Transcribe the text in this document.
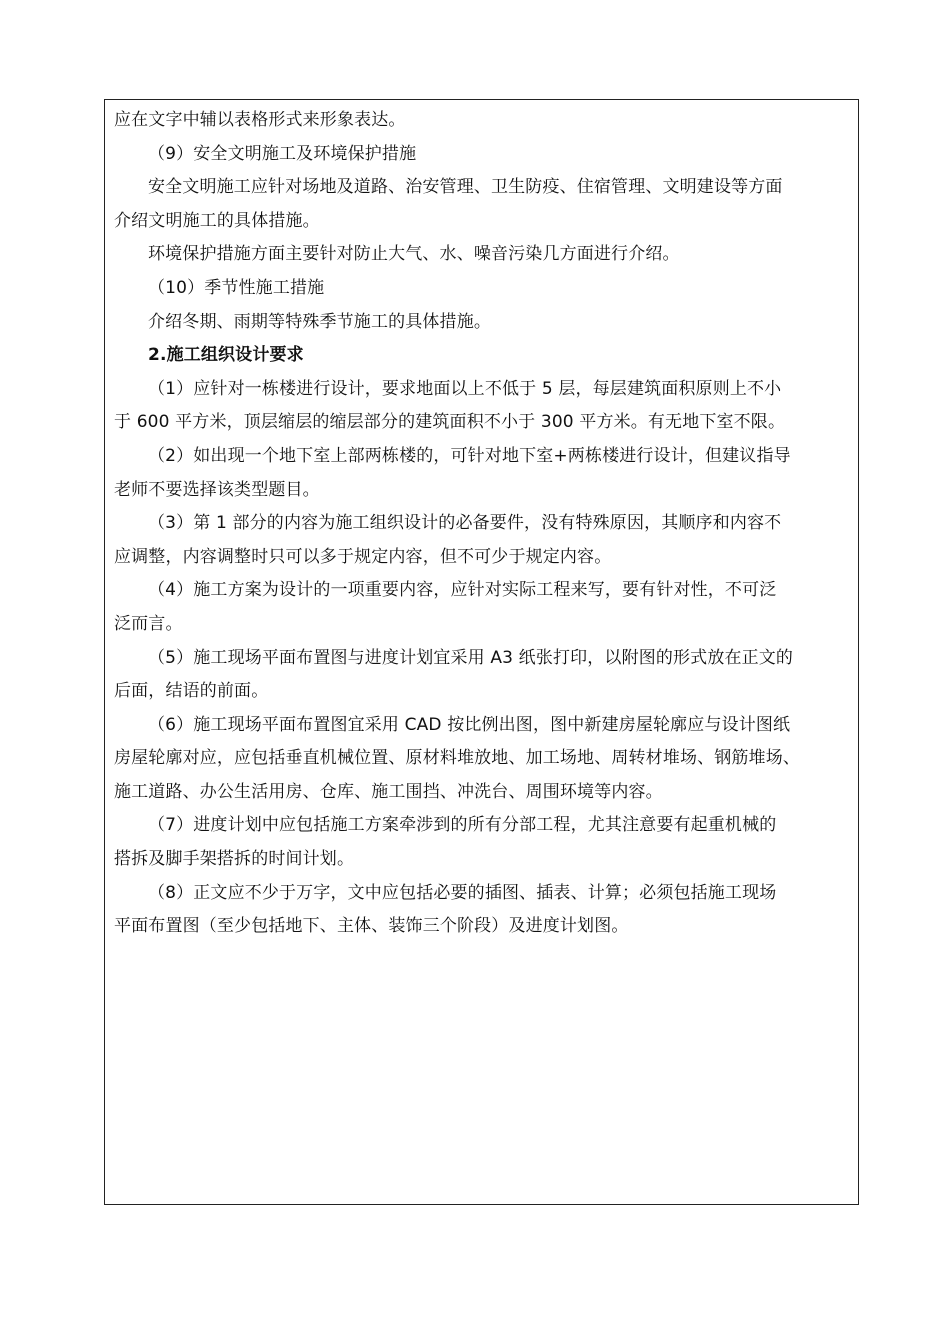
应在文字中辅以表格形式来形象表达。
（9）安全文明施工及环境保护措施
安全文明施工应针对场地及道路、治安管理、卫生防疫、住宿管理、文明建设等方面
介绍文明施工的具体措施。
环境保护措施方面主要针对防止大气、水、噪音污染几方面进行介绍。
（10）季节性施工措施
介绍冬期、雨期等特殊季节施工的具体措施。
2.施工组织设计要求
（1）应针对一栋楼进行设计，要求地面以上不低于 5 层，每层建筑面积原则上不小
于 600 平方米，顶层缩层的缩层部分的建筑面积不小于 300 平方米。有无地下室不限。
（2）如出现一个地下室上部两栋楼的，可针对地下室+两栋楼进行设计，但建议指导
老师不要选择该类型题目。
（3）第 1 部分的内容为施工组织设计的必备要件，没有特殊原因，其顺序和内容不
应调整，内容调整时只可以多于规定内容，但不可少于规定内容。
（4）施工方案为设计的一项重要内容，应针对实际工程来写，要有针对性，不可泛
泛而言。
（5）施工现场平面布置图与进度计划宜采用 A3 纸张打印，以附图的形式放在正文的
后面，结语的前面。
（6）施工现场平面布置图宜采用 CAD 按比例出图，图中新建房屋轮廓应与设计图纸
房屋轮廓对应，应包括垂直机械位置、原材料堆放地、加工场地、周转材堆场、钢筋堆场、
施工道路、办公生活用房、仓库、施工围挡、冲洗台、周围环境等内容。
（7）进度计划中应包括施工方案牵涉到的所有分部工程，尤其注意要有起重机械的
搭拆及脚手架搭拆的时间计划。
（8）正文应不少于万字，文中应包括必要的插图、插表、计算；必须包括施工现场
平面布置图（至少包括地下、主体、装饰三个阶段）及进度计划图。
